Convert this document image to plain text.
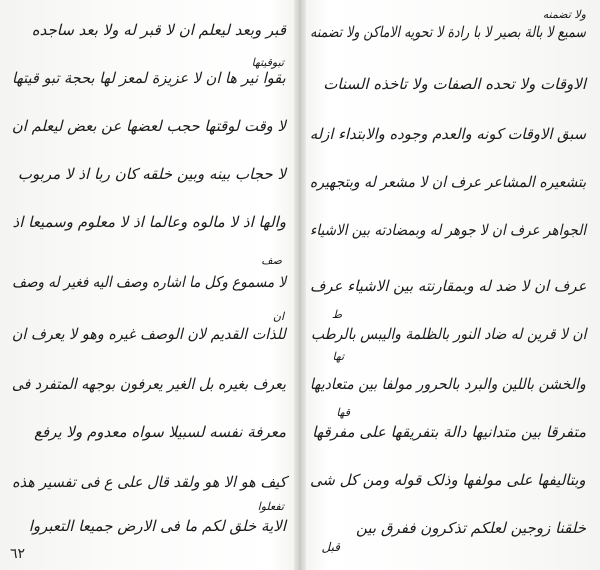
قبر وبعد لیعلم ان لا قبر له ولا بعد ساجده
تبوقیتها
بقوا نیر ها ان لا عزیزة لمعز لها بحجة تبو قیتها
لا وقت لوقتها حجب لعضها عن بعض لیعلم ان
لا حجاب بینه وبین خلقه کان ربا اذ لا مربوب
والها اذ لا مالوه وعالما اذ لا معلوم وسمیعا اذ
صف
لا مسموع وکل ما اشاره وصف الیه فغیر له وصف
ان
للذات القدیم لان الوصف غیره وهو لا یعرف ان
یعرف بغیره بل الغیر یعرفون بوجهه المتفرد فی
معرفة نفسه لسبیلا سواه معدوم ولا یرفع
کیف هو الا هو ولقد قال علی ع فی تفسیر هذه
تفعلوا
الایة خلق لکم ما فی الارض جمیعا التعبروا
ولا تضمنه
سمیع لا بالة بصیر لا با رادة لا تحویه الاماکن ولا تضمنه
الاوقات ولا تحده الصفات ولا تاخذه السنات
سبق الاوقات کونه والعدم وجوده والابتداء ازله
بتشعیره المشاعر عرف ان لا مشعر له وبتجهیره
الجواهر عرف ان لا جوهر له وبمضادته بین الاشیاء
عرف ان لا ضد له وبمقارنته بین الاشیاء عرف
ط
ان لا قرین له ضاد النور بالظلمة والیبس بالرطب
تها
والخشن باللین والبرد بالحرور مولفا بین متعادیها
قها
متفرقا بین متدانیها دالة بتفریقها علی مفرقها
وبتالیفها علی مولفها وذلک قوله ومن کل شی
خلقنا زوجین لعلکم تذکرون ففرق بین
قبل
٦٢
